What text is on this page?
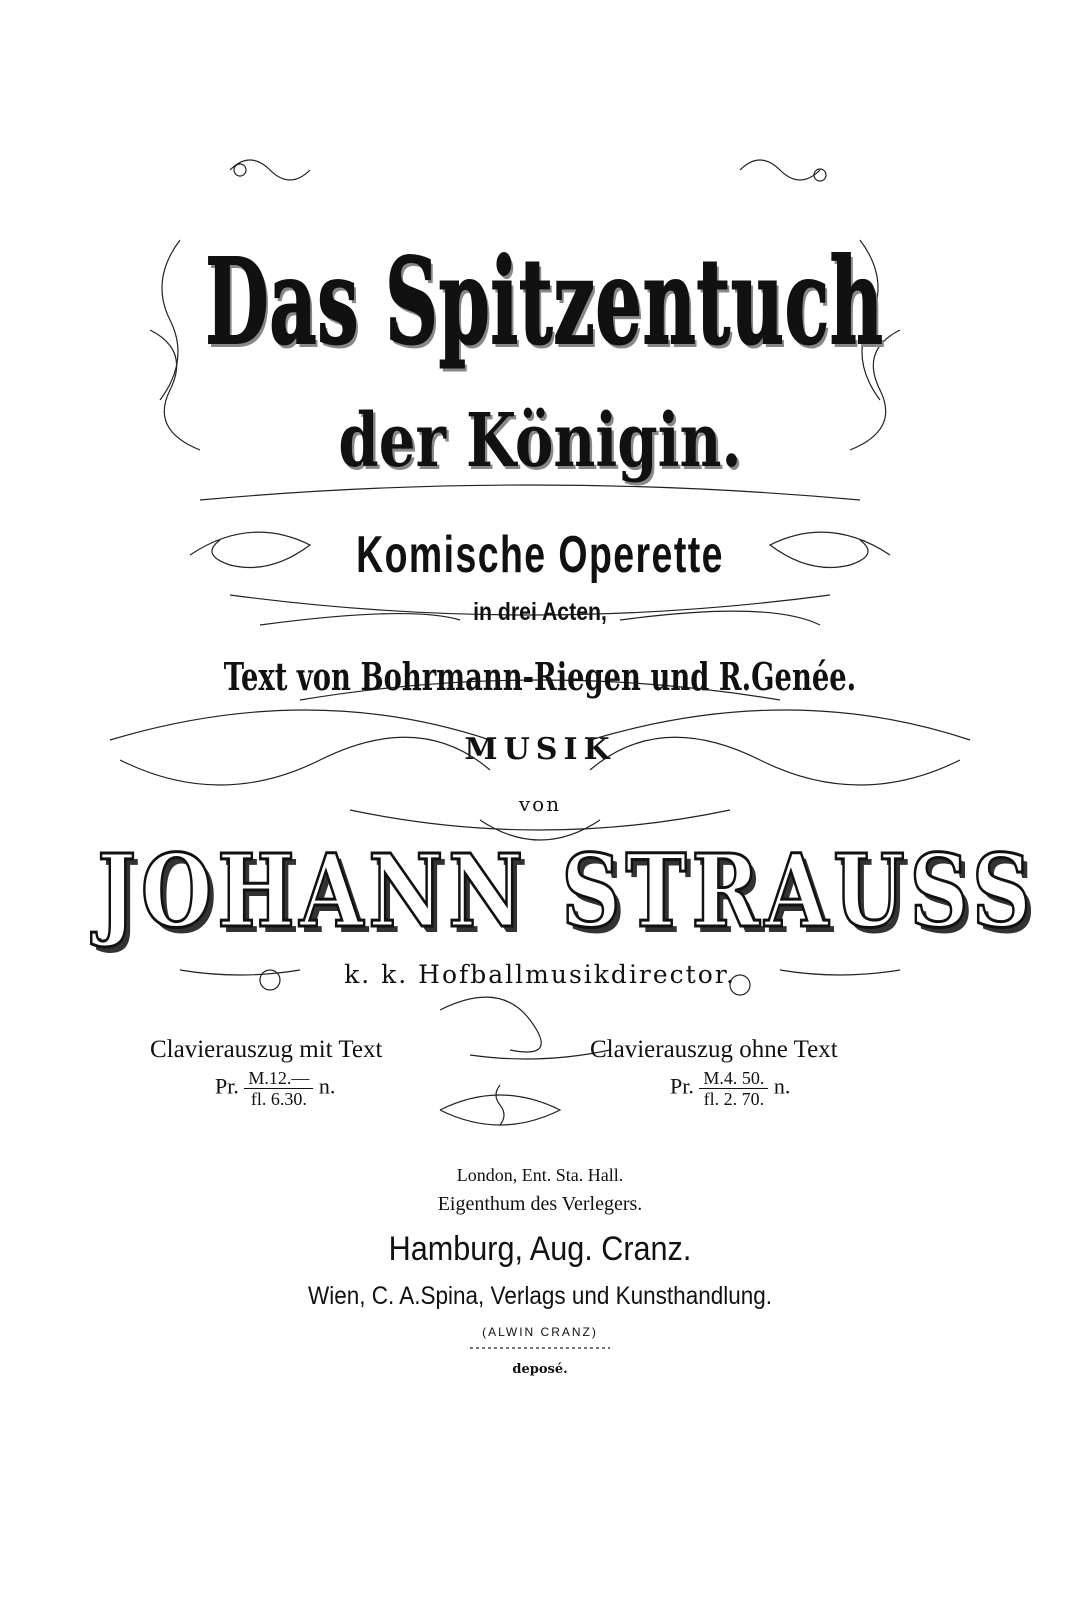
Das Spitzentuch
der Königin.
Komische Operette
in drei Acten,
Text von Bohrmann-Riegen und R.Genée.
MUSIK
von
JOHANN STRAUSS
k. k. Hofballmusikdirector.
Clavierauszug mit Text
Pr. $\frac{M.12.—}{fl. 6.30.} n$.
Clavierauszug ohne Text
Pr. $\frac{M.4. 50.}{fl. 2. 70.} n$.
London, Ent. Sta. Hall.
Eigenthum des Verlegers.
Hamburg, Aug. Cranz.
Wien, C. A.Spina, Verlags und Kunsthandlung.
(ALWIN CRANZ)
deposé.
